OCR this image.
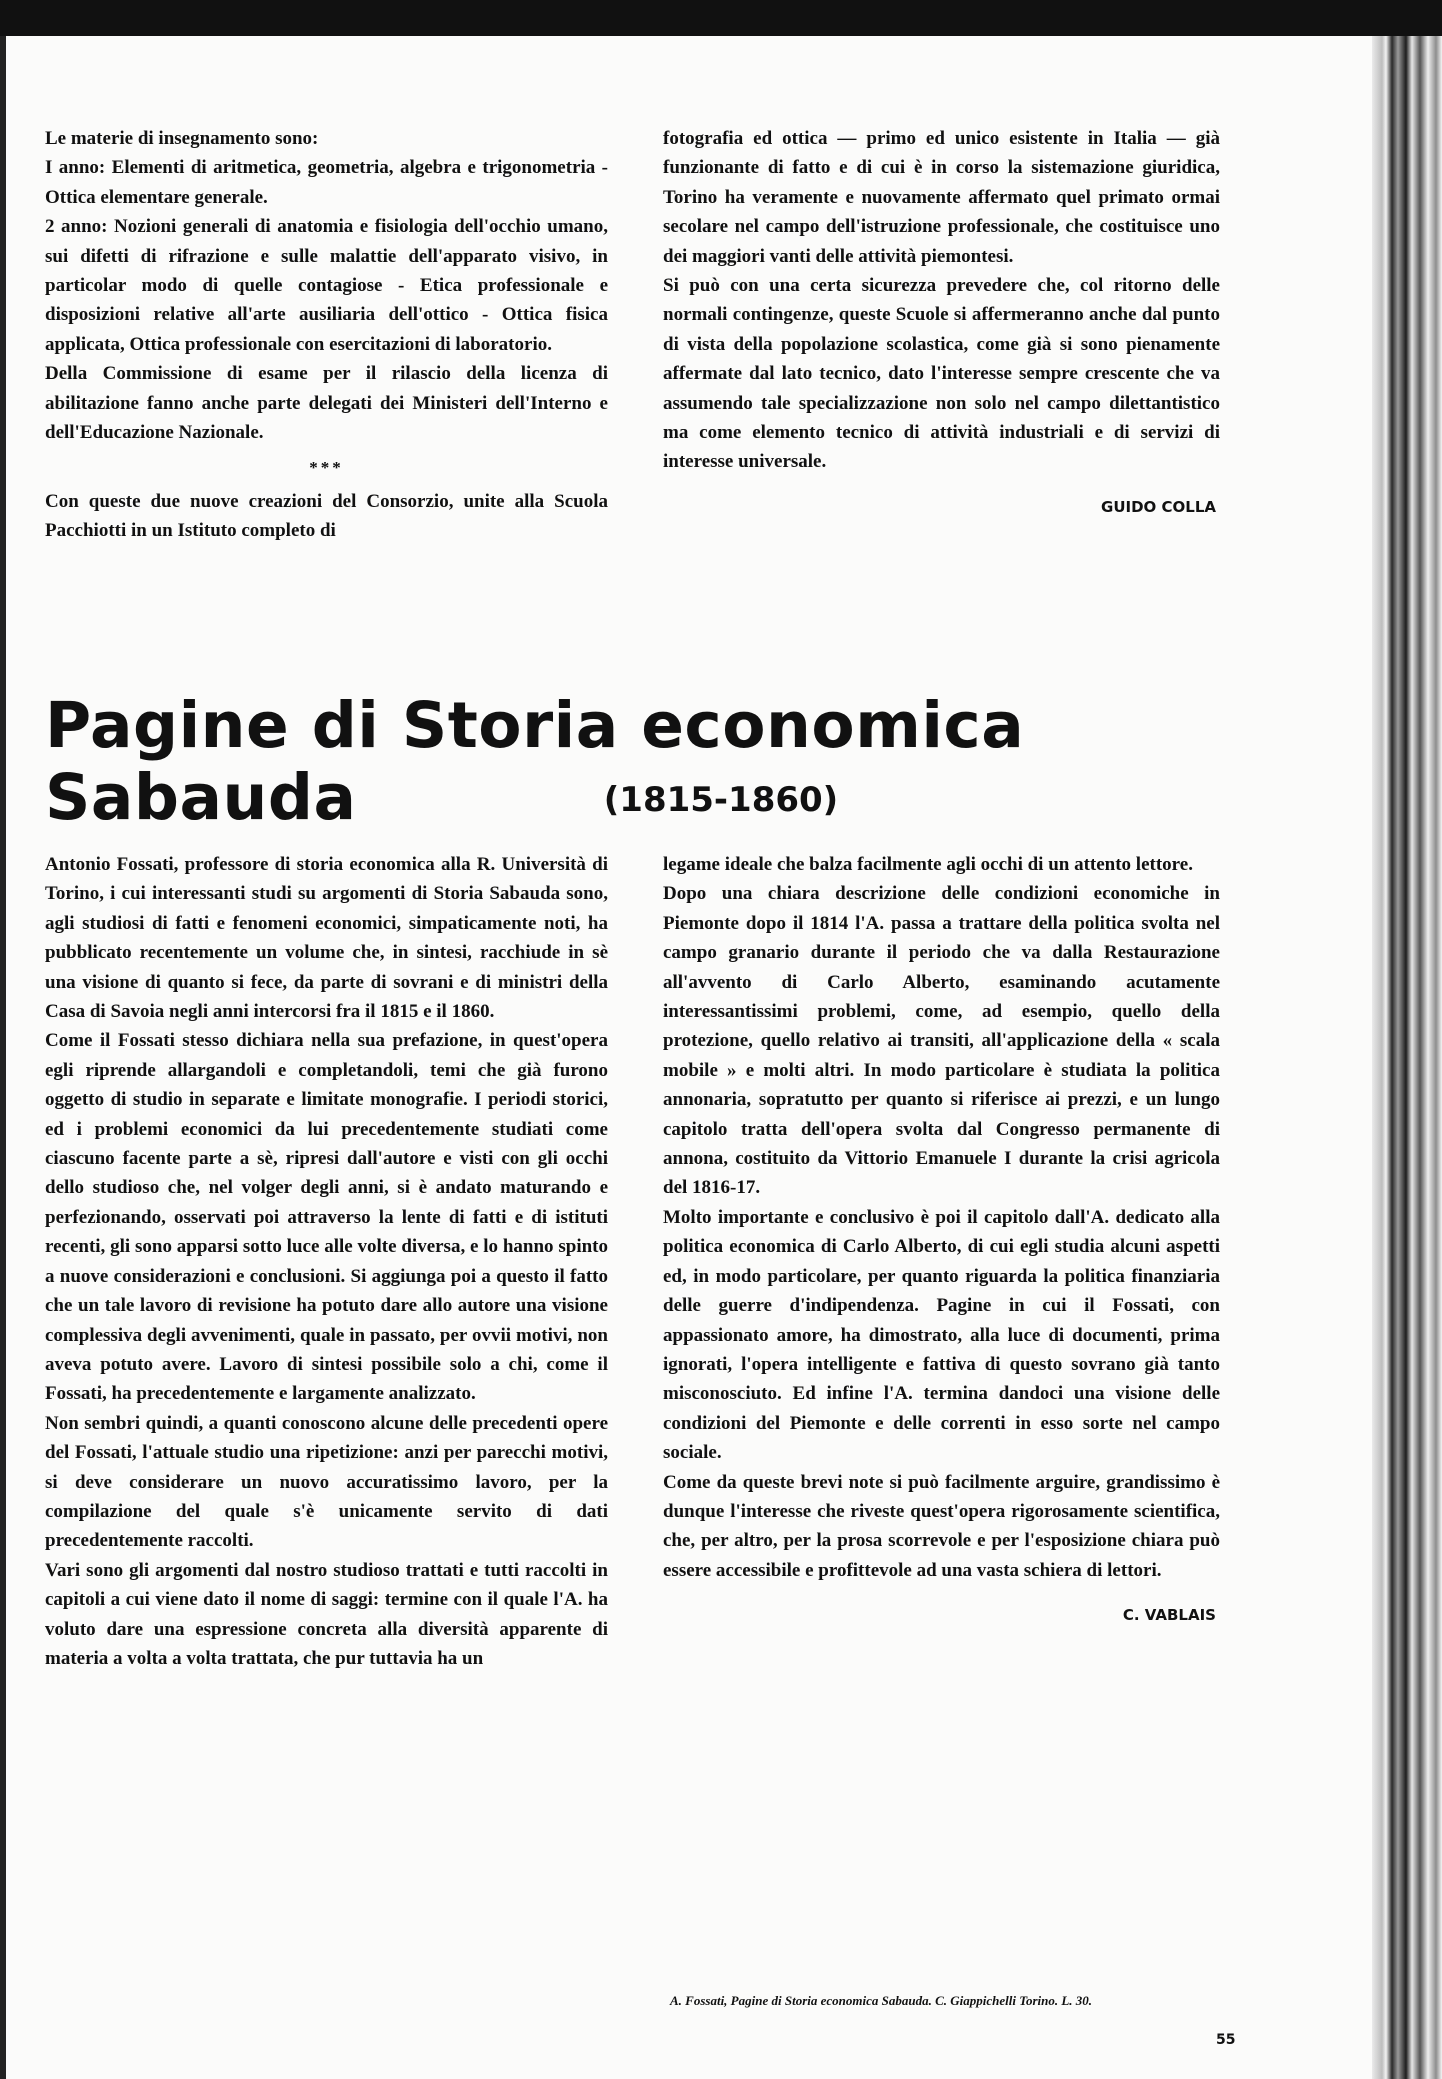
Le materie di insegnamento sono:

I anno: Elementi di aritmetica, geometria, algebra e trigonometria - Ottica elementare generale.

2 anno: Nozioni generali di anatomia e fisiologia dell'occhio umano, sui difetti di rifrazione e sulle malattie dell'apparato visivo, in particolar modo di quelle contagiose - Etica professionale e disposizioni relative all'arte ausiliaria dell'ottico - Ottica fisica applicata, Ottica professionale con esercitazioni di laboratorio.

Della Commissione di esame per il rilascio della licenza di abilitazione fanno anche parte delegati dei Ministeri dell'Interno e dell'Educazione Nazionale.

***

Con queste due nuove creazioni del Consorzio, unite alla Scuola Pacchiotti in un Istituto completo di

fotografia ed ottica — primo ed unico esistente in Italia — già funzionante di fatto e di cui è in corso la sistemazione giuridica, Torino ha veramente e nuovamente affermato quel primato ormai secolare nel campo dell'istruzione professionale, che costituisce uno dei maggiori vanti delle attività piemontesi.

Si può con una certa sicurezza prevedere che, col ritorno delle normali contingenze, queste Scuole si affermeranno anche dal punto di vista della popolazione scolastica, come già si sono pienamente affermate dal lato tecnico, dato l'interesse sempre crescente che va assumendo tale specializzazione non solo nel campo dilettantistico ma come elemento tecnico di attività industriali e di servizi di interesse universale.

GUIDO COLLA
Pagine di Storia economica Sabauda	(1815-1860)

Antonio Fossati, professore di storia economica alla R. Università di Torino, i cui interessanti studi su argomenti di Storia Sabauda sono, agli studiosi di fatti e fenomeni economici, simpaticamente noti, ha pubblicato recentemente un volume che, in sintesi, racchiude in sè una visione di quanto si fece, da parte di sovrani e di ministri della Casa di Savoia negli anni intercorsi fra il 1815 e il 1860.

Come il Fossati stesso dichiara nella sua prefazione, in quest'opera egli riprende allargandoli e completandoli, temi che già furono oggetto di studio in separate e limitate monografie. I periodi storici, ed i problemi economici da lui precedentemente studiati come ciascuno facente parte a sè, ripresi dall'autore e visti con gli occhi dello studioso che, nel volger degli anni, si è andato maturando e perfezionando, osservati poi attraverso la lente di fatti e di istituti recenti, gli sono apparsi sotto luce alle volte diversa, e lo hanno spinto a nuove considerazioni e conclusioni. Si aggiunga poi a questo il fatto che un tale lavoro di revisione ha potuto dare allo autore una visione complessiva degli avvenimenti, quale in passato, per ovvii motivi, non aveva potuto avere. Lavoro di sintesi possibile solo a chi, come il Fossati, ha precedentemente e largamente analizzato.

Non sembri quindi, a quanti conoscono alcune delle precedenti opere del Fossati, l'attuale studio una ripetizione: anzi per parecchi motivi, si deve considerare un nuovo accuratissimo lavoro, per la compilazione del quale s'è unicamente servito di dati precedentemente raccolti.

Vari sono gli argomenti dal nostro studioso trattati e tutti raccolti in capitoli a cui viene dato il nome di saggi: termine con il quale l'A. ha voluto dare una espressione concreta alla diversità apparente di materia a volta a volta trattata, che pur tuttavia ha un

legame ideale che balza facilmente agli occhi di un attento lettore.

Dopo una chiara descrizione delle condizioni economiche in Piemonte dopo il 1814 l'A. passa a trattare della politica svolta nel campo granario durante il periodo che va dalla Restaurazione all'avvento di Carlo Alberto, esaminando acutamente interessantissimi problemi, come, ad esempio, quello della protezione, quello relativo ai transiti, all'applicazione della « scala mobile » e molti altri. In modo particolare è studiata la politica annonaria, sopratutto per quanto si riferisce ai prezzi, e un lungo capitolo tratta dell'opera svolta dal Congresso permanente di annona, costituito da Vittorio Emanuele I durante la crisi agricola del 1816-17.

Molto importante e conclusivo è poi il capitolo dall'A. dedicato alla politica economica di Carlo Alberto, di cui egli studia alcuni aspetti ed, in modo particolare, per quanto riguarda la politica finanziaria delle guerre d'indipendenza. Pagine in cui il Fossati, con appassionato amore, ha dimostrato, alla luce di documenti, prima ignorati, l'opera intelligente e fattiva di questo sovrano già tanto misconosciuto. Ed infine l'A. termina dandoci una visione delle condizioni del Piemonte e delle correnti in esso sorte nel campo sociale.

Come da queste brevi note si può facilmente arguire, grandissimo è dunque l'interesse che riveste quest'opera rigorosamente scientifica, che, per altro, per la prosa scorrevole e per l'esposizione chiara può essere accessibile e profittevole ad una vasta schiera di lettori.

C. VABLAIS
A. Fossati, Pagine di Storia economica Sabauda. C. Giappichelli Torino. L. 30.
55
